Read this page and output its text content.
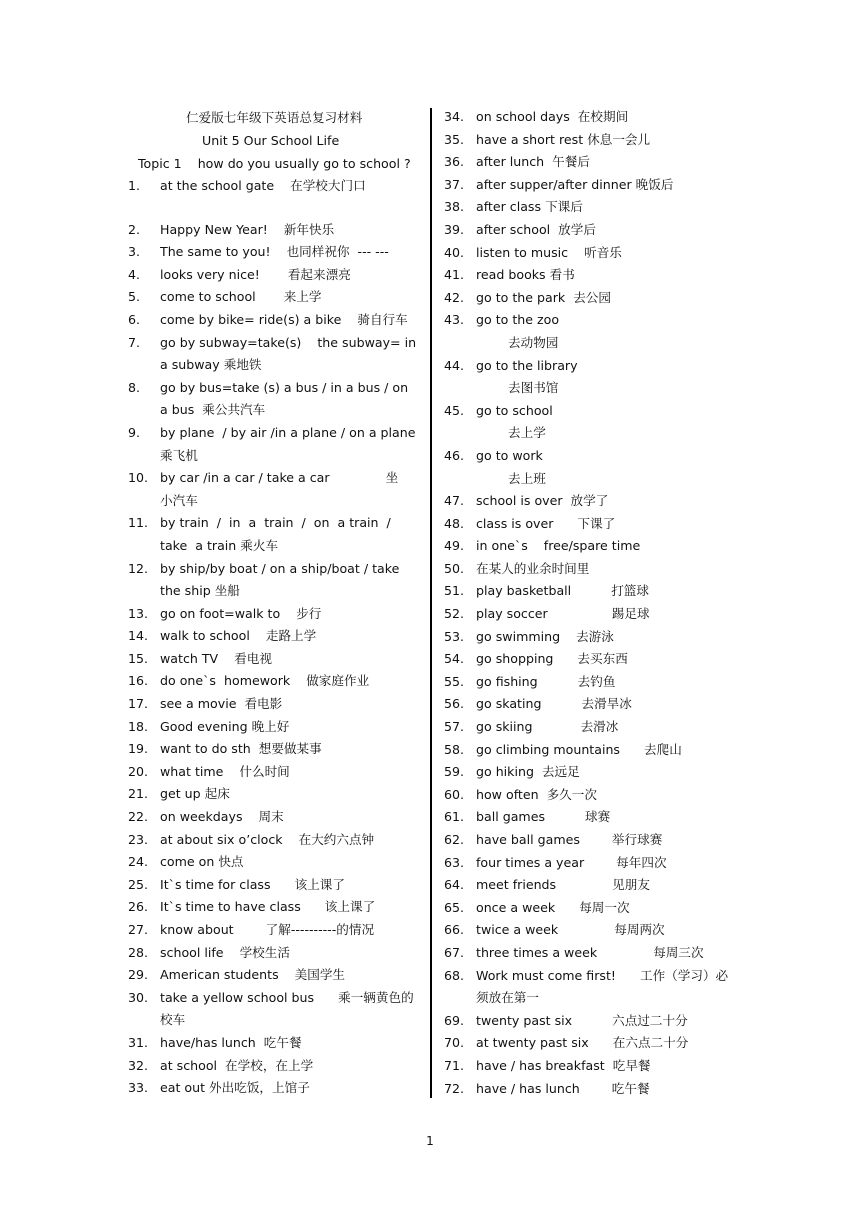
仁爱版七年级下英语总复习材料
Unit 5 Our School Life
Topic 1    how do you usually go to school ?
1.	at the school gate    在学校大门口
2.	Happy New Year!    新年快乐
3.	The same to you!    也同样祝你  --- ---
4.	looks very nice!       看起来漂亮
5.	come to school       来上学
6.	come by bike= ride(s) a bike    骑自行车
7.	go by subway=take(s)    the subway= in a subway 乘地铁
8.	go by bus=take (s) a bus / in a bus / on a bus  乘公共汽车
9.	by plane  / by air /in a plane / on a plane 乘飞机
10. by car /in a car / take a car              坐    小汽车
11. by train  /  in  a  train  /  on  a train  /  take  a train 乘火车
12. by ship/by boat / on a ship/boat / take the ship 坐船
13. go on foot=walk to    步行
14. walk to school    走路上学
15. watch TV    看电视
16. do one`s  homework    做家庭作业
17. see a movie  看电影
18. Good evening 晚上好
19. want to do sth  想要做某事
20. what time    什么时间
21. get up 起床
22. on weekdays    周末
23. at about six o’clock    在大约六点钟
24. come on 快点
25. It`s time for class      该上课了
26. It`s time to have class      该上课了
27. know about        了解----------的情况
28. school life    学校生活
29. American students    美国学生
30. take a yellow school bus      乘一辆黄色的校车
31. have/has lunch  吃午餐
32. at school  在学校，在上学
33. eat out 外出吃饭，上馆子
34. on school days  在校期间
35. have a short rest 休息一会儿
36. after lunch  午餐后
37. after supper/after dinner 晚饭后
38. after class 下课后
39. after school  放学后
40. listen to music    听音乐
41. read books 看书
42. go to the park  去公园
43. go to the zoo
去动物园
44. go to the library
去图书馆
45. go to school
去上学
46. go to work
去上班
47. school is over  放学了
48. class is over      下课了
49. in one`s    free/spare time
50. 在某人的业余时间里
51. play basketball          打篮球
52. play soccer                踢足球
53. go swimming    去游泳
54. go shopping      去买东西
55. go fishing          去钓鱼
56. go skating          去滑旱冰
57. go skiing            去滑冰
58. go climbing mountains      去爬山
59. go hiking  去远足
60. how often  多久一次
61. ball games          球赛
62. have ball games        举行球赛
63. four times a year        每年四次
64. meet friends              见朋友
65. once a week      每周一次
66. twice a week              每周两次
67. three times a week              每周三次
68. Work must come first!      工作（学习）必须放在第一
69. twenty past six          六点过二十分
70. at twenty past six      在六点二十分
71. have / has breakfast  吃早餐
72. have / has lunch        吃午餐
1
